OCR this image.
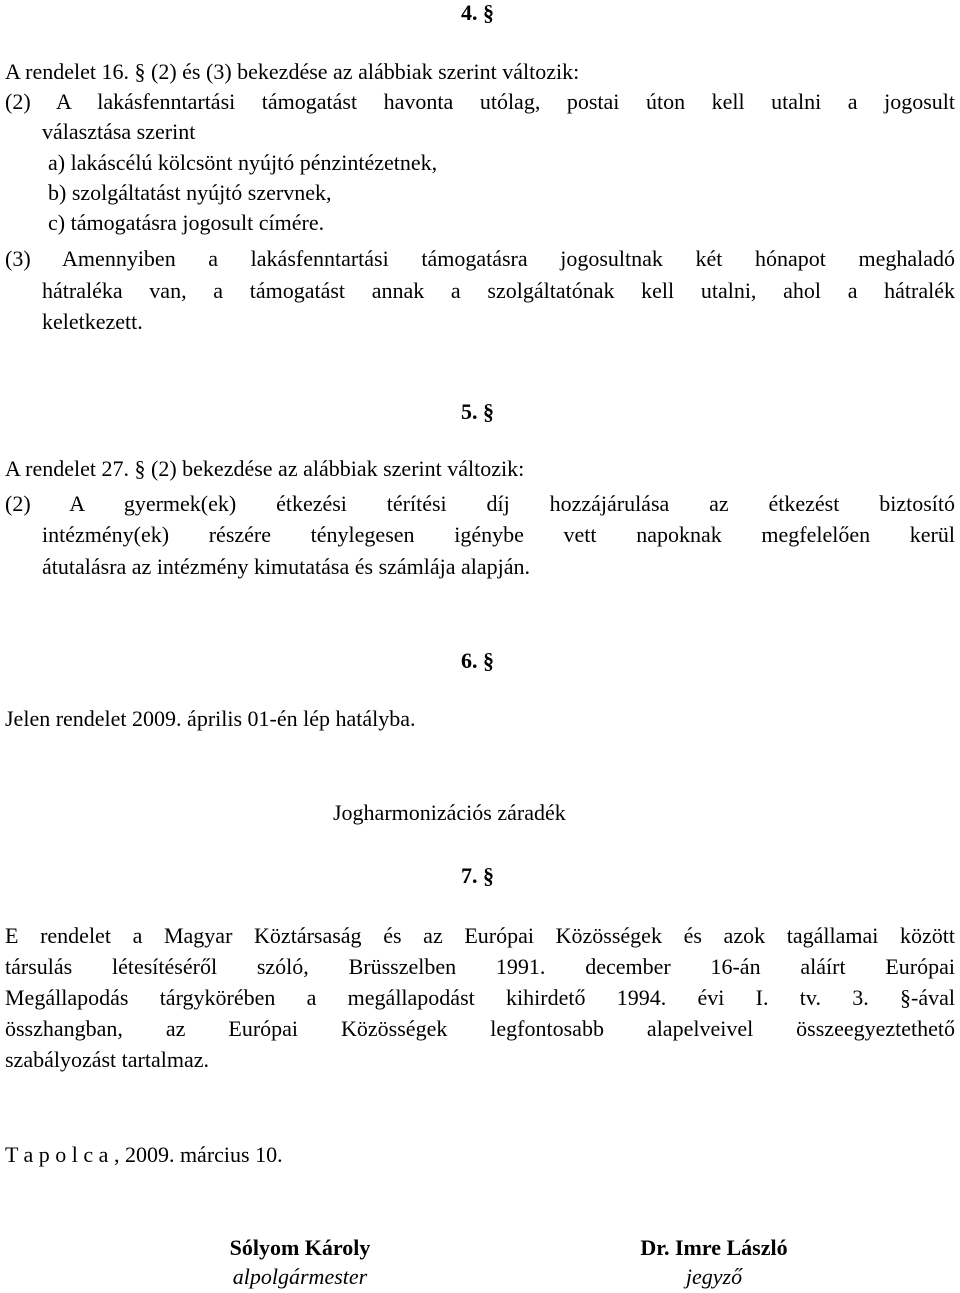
4. §
A rendelet 16. § (2) és (3) bekezdése az alábbiak szerint változik:
(2) A lakásfenntartási támogatást havonta utólag, postai úton kell utalni a jogosult
választása szerint
a) lakáscélú kölcsönt nyújtó pénzintézetnek,
b) szolgáltatást nyújtó szervnek,
c) támogatásra jogosult címére.
(3) Amennyiben a lakásfenntartási támogatásra jogosultnak két hónapot meghaladó
hátraléka van, a támogatást annak a szolgáltatónak kell utalni, ahol a hátralék
keletkezett.
5. §
A rendelet 27. § (2) bekezdése az alábbiak szerint változik:
(2) A gyermek(ek) étkezési térítési díj hozzájárulása az étkezést biztosító
intézmény(ek) részére ténylegesen igénybe vett napoknak megfelelően kerül
átutalásra az intézmény kimutatása és számlája alapján.
6. §
Jelen rendelet 2009. április 01-én lép hatályba.
Jogharmonizációs záradék
7. §
E rendelet a Magyar Köztársaság és az Európai Közösségek és azok tagállamai között
társulás létesítéséről szóló, Brüsszelben 1991. december 16-án aláírt Európai
Megállapodás tárgykörében a megállapodást kihirdető 1994. évi I. tv. 3. §-ával
összhangban, az Európai Közösségek legfontosabb alapelveivel összeegyeztethető
szabályozást tartalmaz.
T a p o l c a , 2009. március 10.
Sólyom Károly
alpolgármester
Dr. Imre László
jegyző
